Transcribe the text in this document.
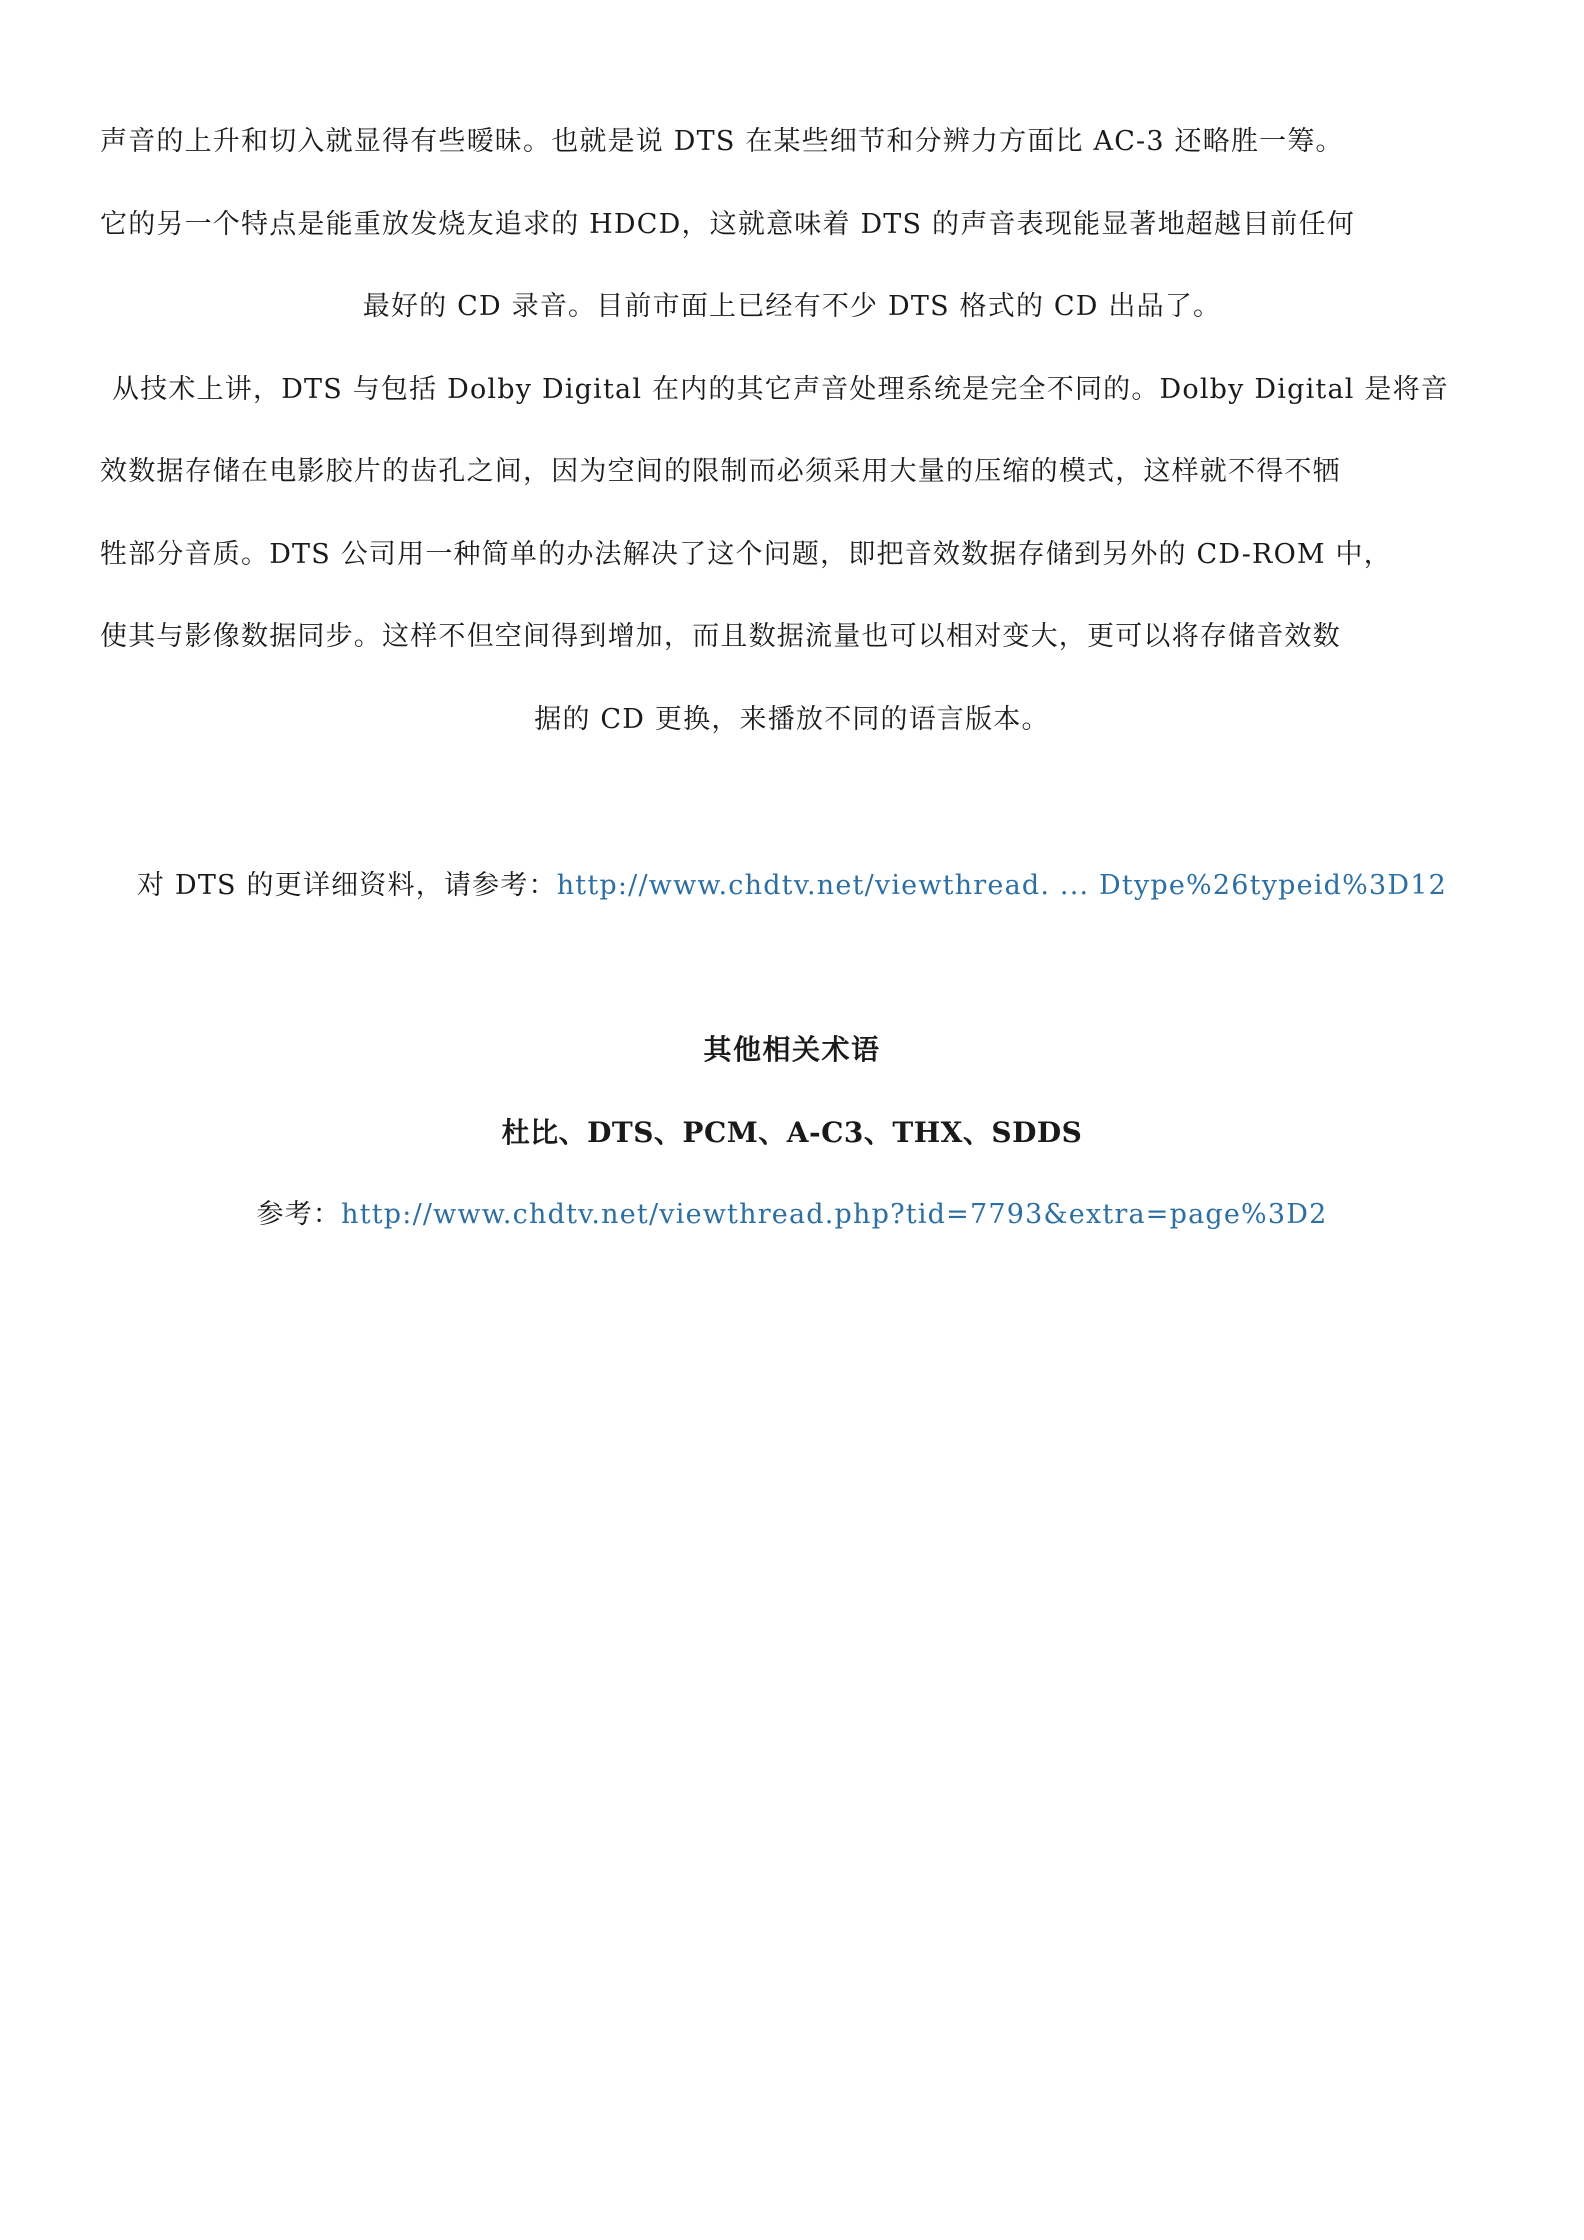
声音的上升和切入就显得有些暧昧。也就是说 DTS 在某些细节和分辨力方面比 AC-3 还略胜一筹。
它的另一个特点是能重放发烧友追求的 HDCD，这就意味着 DTS 的声音表现能显著地超越目前任何
最好的 CD 录音。目前市面上已经有不少 DTS 格式的 CD 出品了。
从技术上讲，DTS 与包括 Dolby Digital 在内的其它声音处理系统是完全不同的。Dolby Digital 是将音
效数据存储在电影胶片的齿孔之间，因为空间的限制而必须采用大量的压缩的模式，这样就不得不牺
牲部分音质。DTS 公司用一种简单的办法解决了这个问题，即把音效数据存储到另外的 CD-ROM 中，
使其与影像数据同步。这样不但空间得到增加，而且数据流量也可以相对变大，更可以将存储音效数
据的 CD 更换，来播放不同的语言版本。
对 DTS 的更详细资料，请参考：http://www.chdtv.net/viewthread. ... Dtype%26typeid%3D12
其他相关术语
杜比、DTS、PCM、A-C3、THX、SDDS
参考：http://www.chdtv.net/viewthread.php?tid=7793&extra=page%3D2
